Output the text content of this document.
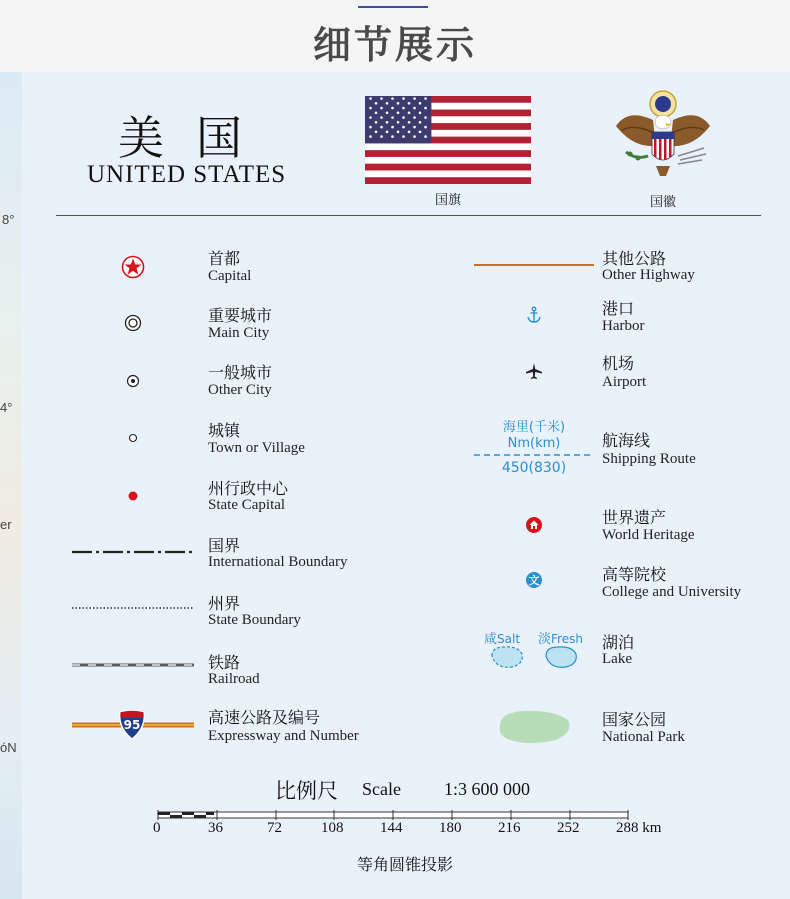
细节展示
8°
4°
er
óN
美国
UNITED STATES
国旗	国徽
首都
Capital
重要城市
Main City
一般城市
Other City
城镇
Town or Village
州行政中心
State Capital
国界
International Boundary
州界
State Boundary
铁路
Railroad
95	高速公路及编号
Expressway and Number
其他公路
Other Highway
港口
Harbor
机场
Airport
海里(千米)
Nm(km)
450(830)
航海线
Shipping Route
世界遗产
World Heritage
文	高等院校
College and University
咸Salt 淡Fresh 湖泊
Lake
国家公园
National Park
比例尺 Scale 1:3 600 000
0	36	72	108 144 180 216 252 288 km
等角圆锥投影
